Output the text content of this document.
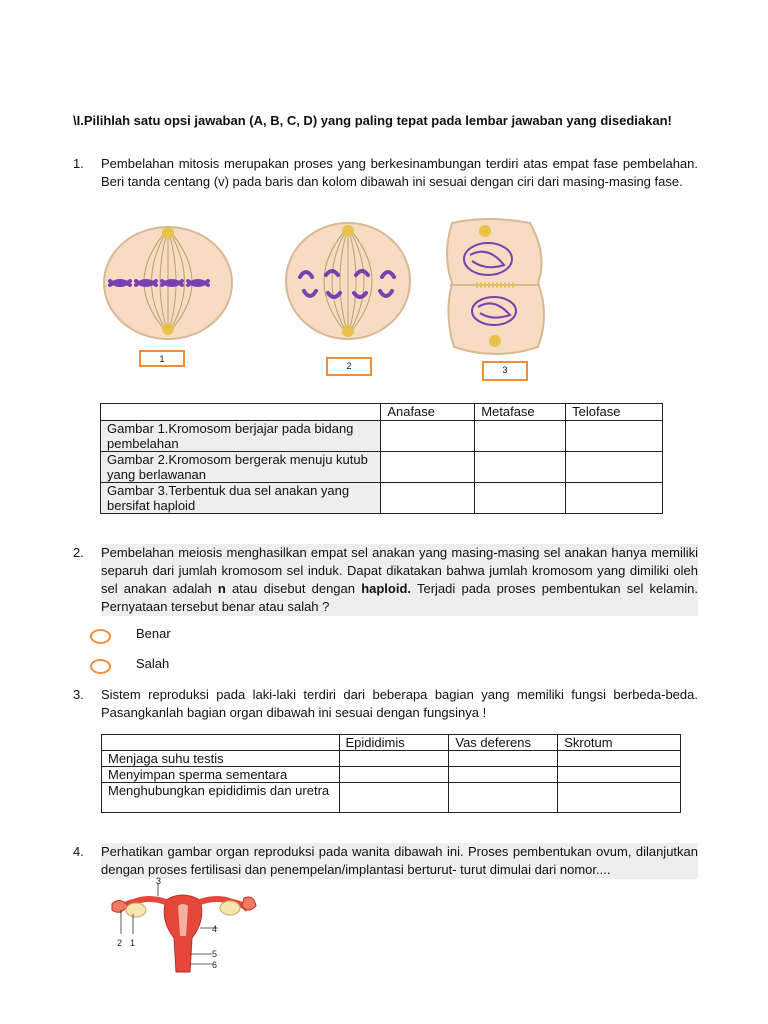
\I.Pilihlah satu opsi jawaban (A, B, C, D) yang paling tepat pada lembar jawaban yang disediakan!
1. Pembelahan mitosis merupakan proses yang berkesinambungan terdiri atas empat fase pembelahan. Beri tanda centang (v) pada baris dan kolom dibawah ini sesuai dengan ciri dari masing-masing fase.
1
2	3
	Anafase	Metafase	Telofase
Gambar 1.Kromosom berjajar pada bidang pembelahan			
Gambar 2.Kromosom bergerak menuju kutub yang berlawanan			
Gambar 3.Terbentuk dua sel anakan yang bersifat haploid			
2. Pembelahan meiosis menghasilkan empat sel anakan yang masing-masing sel anakan hanya memiliki separuh dari jumlah kromosom sel induk. Dapat dikatakan bahwa jumlah kromosom yang dimiliki oleh sel anakan adalah n atau disebut dengan haploid. Terjadi pada proses pembentukan sel kelamin. Pernyataan tersebut benar atau salah ?
Benar
Salah
3. Sistem reproduksi pada laki-laki terdiri dari beberapa bagian yang memiliki fungsi berbeda-beda. Pasangkanlah bagian organ dibawah ini sesuai dengan fungsinya !
	Epididimis	Vas deferens	Skrotum
Menjaga suhu testis			
Menyimpan sperma sementara			
Menghubungkan epididimis dan uretra			
4. Perhatikan gambar organ reproduksi pada wanita dibawah ini. Proses pembentukan ovum, dilanjutkan dengan proses fertilisasi dan penempelan/implantasi berturut- turut dimulai dari nomor....
3
4
2 1
5
6
